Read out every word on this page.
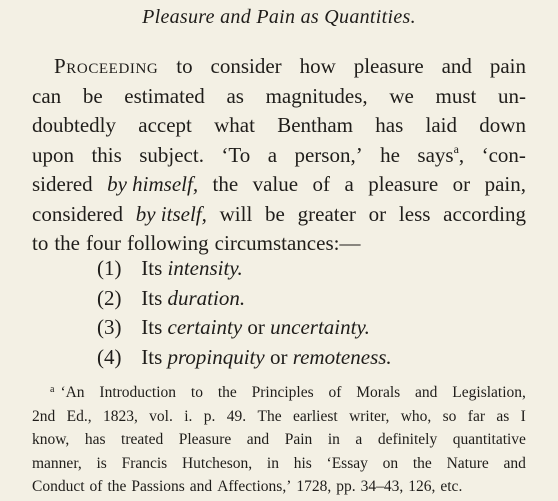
Pleasure and Pain as Quantities.
Proceeding to consider how pleasure and pain
can be estimated as magnitudes, we must un-
doubtedly accept what Bentham has laid down
upon this subject. ‘To a person,’ he says$^a$, ‘con-
sidered by himself, the value of a pleasure or pain,
considered by itself, will be greater or less according
to the four following circumstances:—
(1) Its intensity.
(2) Its duration.
(3) Its certainty or uncertainty.
(4) Its propinquity or remoteness.
$^a$ ‘An Introduction to the Principles of Morals and Legislation,
2nd Ed., 1823, vol. i. p. 49. The earliest writer, who, so far as I
know, has treated Pleasure and Pain in a definitely quantitative
manner, is Francis Hutcheson, in his ‘Essay on the Nature and
Conduct of the Passions and Affections,’ 1728, pp. 34–43, 126, etc.
